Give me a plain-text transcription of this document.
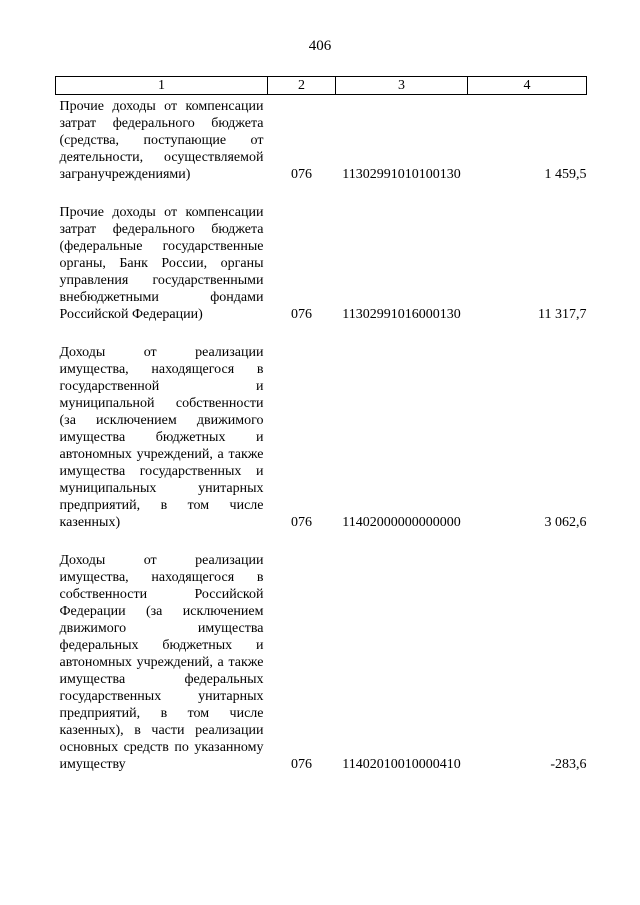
406
1	2	3	4

Прочие доходы от компенсации затрат федерального бюджета (средства, поступающие от деятельности, осуществляемой загранучреждениями)	076	11302991010100130	1 459,5

Прочие доходы от компенсации затрат федерального бюджета (федеральные государственные органы, Банк России, органы управления государственными внебюджетными фондами Российской Федерации)	076	11302991016000130	11 317,7

Доходы от реализации имущества, находящегося в государственной и муниципальной собственности (за исключением движимого имущества бюджетных и автономных учреждений, а также имущества государственных и муниципальных унитарных предприятий, в том числе казенных)	076	11402000000000000	3 062,6

Доходы от реализации имущества, находящегося в собственности Российской Федерации (за исключением движимого имущества федеральных бюджетных и автономных учреждений, а также имущества федеральных государственных унитарных предприятий, в том числе казенных), в части реализации основных средств по указанному имуществу	076	11402010010000410	-283,6
